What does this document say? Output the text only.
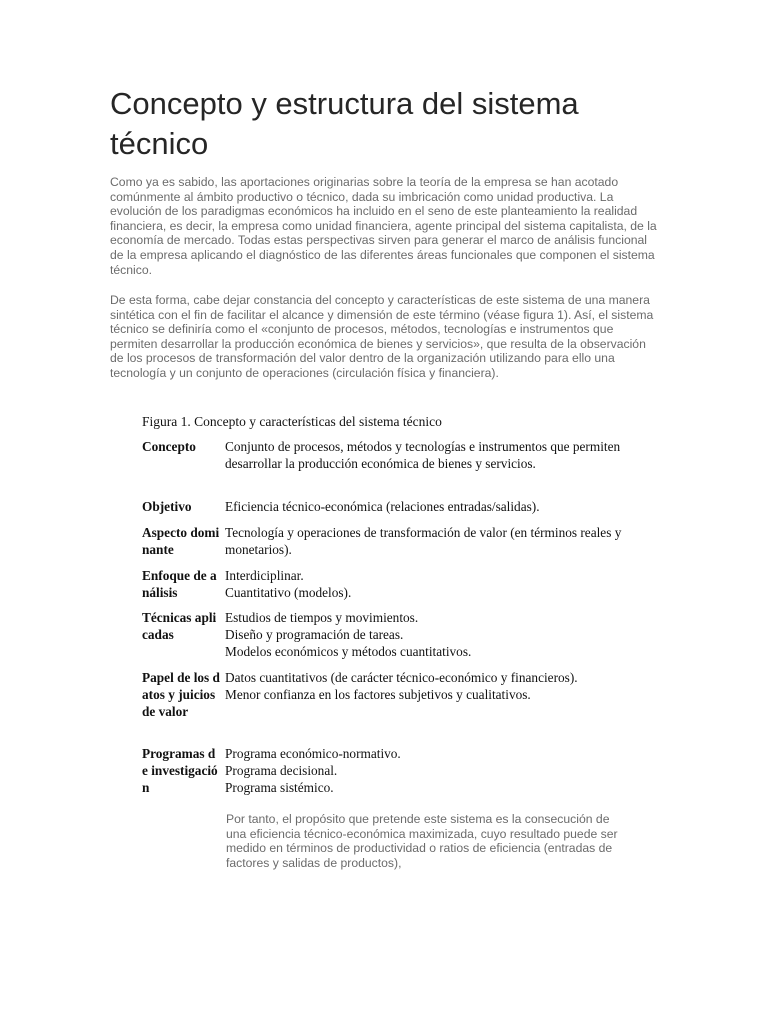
Concepto y estructura del sistema técnico

Como ya es sabido, las aportaciones originarias sobre la teoría de la empresa se han acotado comúnmente al ámbito productivo o técnico, dada su imbricación como unidad productiva. La evolución de los paradigmas económicos ha incluido en el seno de este planteamiento la realidad financiera, es decir, la empresa como unidad financiera, agente principal del sistema capitalista, de la economía de mercado. Todas estas perspectivas sirven para generar el marco de análisis funcional de la empresa aplicando el diagnóstico de las diferentes áreas funcionales que componen el sistema técnico.

De esta forma, cabe dejar constancia del concepto y características de este sistema de una manera sintética con el fin de facilitar el alcance y dimensión de este término (véase figura 1). Así, el sistema técnico se definiría como el «conjunto de procesos, métodos, tecnologías e instrumentos que permiten desarrollar la producción económica de bienes y servicios», que resulta de la observación de los procesos de transformación del valor dentro de la organización utilizando para ello una tecnología y un conjunto de operaciones (circulación física y financiera).

Figura 1. Concepto y características del sistema técnico
Concepto	Conjunto de procesos, métodos y tecnologías e instrumentos que permiten desarrollar la producción económica de bienes y servicios.
Objetivo	Eficiencia técnico-económica (relaciones entradas/salidas).
Aspecto dominante
Tecnología y operaciones de transformación de valor (en términos reales y monetarios).
Enfoque de análisis
Interdiciplinar.
Cuantitativo (modelos).
Técnicas aplicadas
Estudios de tiempos y movimientos.
Diseño y programación de tareas.
Modelos económicos y métodos cuantitativos.
Papel de los datos y juicios de valor
Datos cuantitativos (de carácter técnico-económico y financieros).
Menor confianza en los factores subjetivos y cualitativos.
Programas de investigación
Programa económico-normativo.
Programa decisional.
Programa sistémico.

Por tanto, el propósito que pretende este sistema es la consecución de una eficiencia técnico-económica maximizada, cuyo resultado puede ser medido en términos de productividad o ratios de eficiencia (entradas de factores y salidas de productos),
